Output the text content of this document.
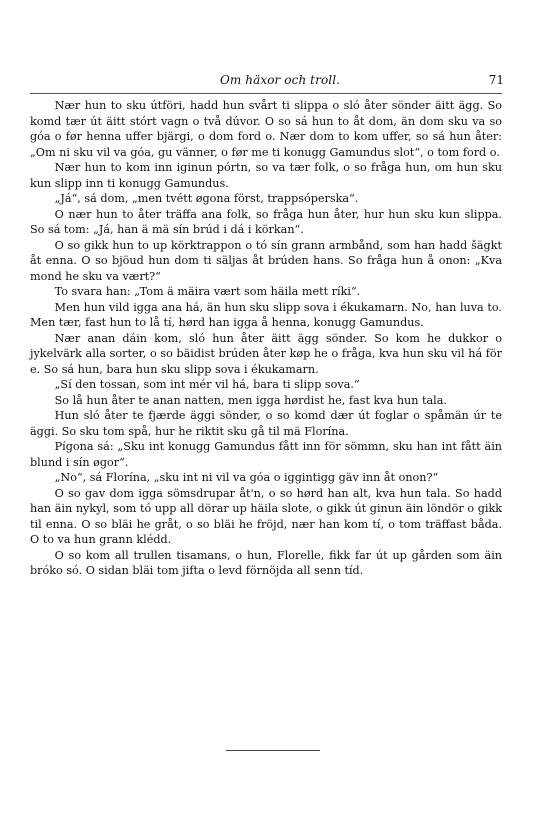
Om häxor och troll.	71

Nær hun to sku útföri, hadd hun svårt ti slippa o sló åter sönder äitt ägg. So komd tær út äitt stórt vagn o två dúvor. O so sá hun to åt dom, än dom sku va so góa o før henna uffer bjärgi, o dom ford o. Nær dom to kom uffer, so sá hun åter: „Om ni sku vil va góa, gu vänner, o før me ti konugg Gamundus slot“, o tom ford o.

Nær hun to kom inn iginun pórtn, so va tær folk, o so fråga hun, om hun sku kun slipp inn ti konugg Gamundus.

„Já“, sá dom, „men tvétt øgona först, trappsóperska“.

O nær hun to åter träffa ana folk, so fråga hun åter, hur hun sku kun slippa. So sá tom: „Já, han ä mä sín brúd i dá i körkan“.

O so gikk hun to up körktrappon o tó sín grann armbånd, som han hadd šägkt åt enna. O so bjöud hun dom ti säljas åt brúden hans. So fråga hun å onon: „Kva mond he sku va vært?“

To svara han: „Tom ä mäira vært som häila mett ríki“.

Men hun vild igga ana há, än hun sku slipp sova i ékukamarn. No, han luva to. Men tær, fast hun to lå tí, hørd han igga å henna, konugg Gamundus.

Nær anan dáin kom, sló hun åter äitt ägg sönder. So kom he dukkor o jykelvärk alla sorter, o so bäidist brúden åter køp he o fråga, kva hun sku vil há för e. So sá hun, bara hun sku slipp sova i ékukamarn.

„Sí den tossan, som int mér vil há, bara ti slipp sova.“

So lå hun åter te anan natten, men igga hørdist he, fast kva hun tala.

Hun sló åter te fjærde äggi sönder, o so komd dær út foglar o spåmän úr te äggi. So sku tom spå, hur he riktit sku gå til mä Florína.

Pígona sá: „Sku int konugg Gamundus fått inn för sömmn, sku han int fått äin blund i sín øgor“.

„No“, sá Florína, „sku int ni vil va góa o iggintigg gäv inn åt onon?“

O so gav dom igga sömsdrupar åt'n, o so hørd han alt, kva hun tala. So hadd han äin nykyl, som tó upp all dörar up häila slote, o gikk út ginun äin löndör o gikk til enna. O so bläi he gråt, o so bläi he fröjd, nær han kom tí, o tom träffast båda. O to va hun grann klédd.

O so kom all trullen tisamans, o hun, Florelle, fikk far út up gården som äin bróko só. O sidan bläi tom jifta o levd förnöjda all senn tíd.
